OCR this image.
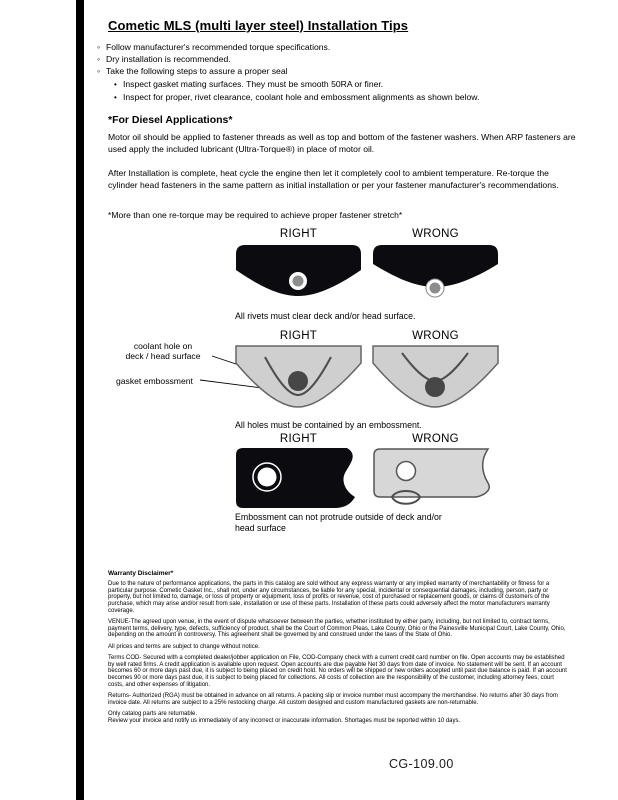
Cometic MLS (multi layer steel) Installation Tips
◦ Follow manufacturer's recommended torque specifications.
◦ Dry installation is recommended.
◦ Take the following steps to assure a proper seal
• Inspect gasket mating surfaces. They must be smooth 50RA or finer.
• Inspect for proper, rivet clearance, coolant hole and embossment alignments as shown below.
*For Diesel Applications*
Motor oil should be applied to fastener threads as well as top and bottom of the fastener washers. When ARP fasteners are used apply the included lubricant (Ultra-Torque®) in place of motor oil.
After Installation is complete, heat cycle the engine then let it completely cool to ambient temperature. Re-torque the cylinder head fasteners in the same pattern as initial installation or per your fastener manufacturer's recommendations.
*More than one re-torque may be required to achieve proper fastener stretch*
RIGHT	WRONG
All rivets must clear deck and/or head surface.
RIGHT	WRONG
coolant hole on
deck / head surface
gasket embossment
All holes must be contained by an embossment.
RIGHT	WRONG
Embossment can not protrude outside of deck and/or head surface
Warranty Disclaimer*

Due to the nature of performance applications, the parts in this catalog are sold without any express warranty or any implied warranty of merchantability or fitness for a particular purpose. Cometic Gasket Inc., shall not, under any circumstances, be liable for any special, incidental or consequential damages, including, person, party or property, but not limited to, damage, or loss of property or equipment, loss of profits or revenue, cost of purchased or replacement goods, or claims of customers of the purchase, which may arise and/or result from sale, installation or use of these parts. Installation of these parts could adversely affect the motor manufacturers warranty coverage.

VENUE-The agreed upon venue, in the event of dispute whatsoever between the parties, whether instituted by either party, including, but not limited to, contract terms, payment terms, delivery, type, defects, sufficiency of product, shall be the Court of Common Pleas, Lake County, Ohio or the Painesville Municipal Court, Lake County, Ohio, depending on the amount in controversy. This agreement shall be governed by and construed under the laws of the State of Ohio.

All prices and terms are subject to change without notice.

Terms COD- Secured with a completed dealer/jobber application on File, COD-Company check with a current credit card number on file. Open accounts may be established by well rated firms. A credit application is available upon request. Open accounts are due payable Net 30 days from date of invoice. No statement will be sent. If an account becomes 60 or more days past due, it is subject to being placed on credit hold. No orders will be shipped or new orders accepted until past due balance is paid. If an account becomes 90 or more days past due, it is subject to being placed for collections. All costs of collection are the responsibility of the customer, including attorney fees, court costs, and other expenses of litigation.

Returns- Authorized (RGA) must be obtained in advance on all returns. A packing slip or invoice number must accompany the merchandise. No returns after 30 days from invoice date. All returns are subject to a 25% restocking charge. All custom designed and custom manufactured gaskets are non-returnable.

Only catalog parts are returnable.

Review your invoice and notify us immediately of any incorrect or inaccurate information. Shortages must be reported within 10 days.

CG-109.00
